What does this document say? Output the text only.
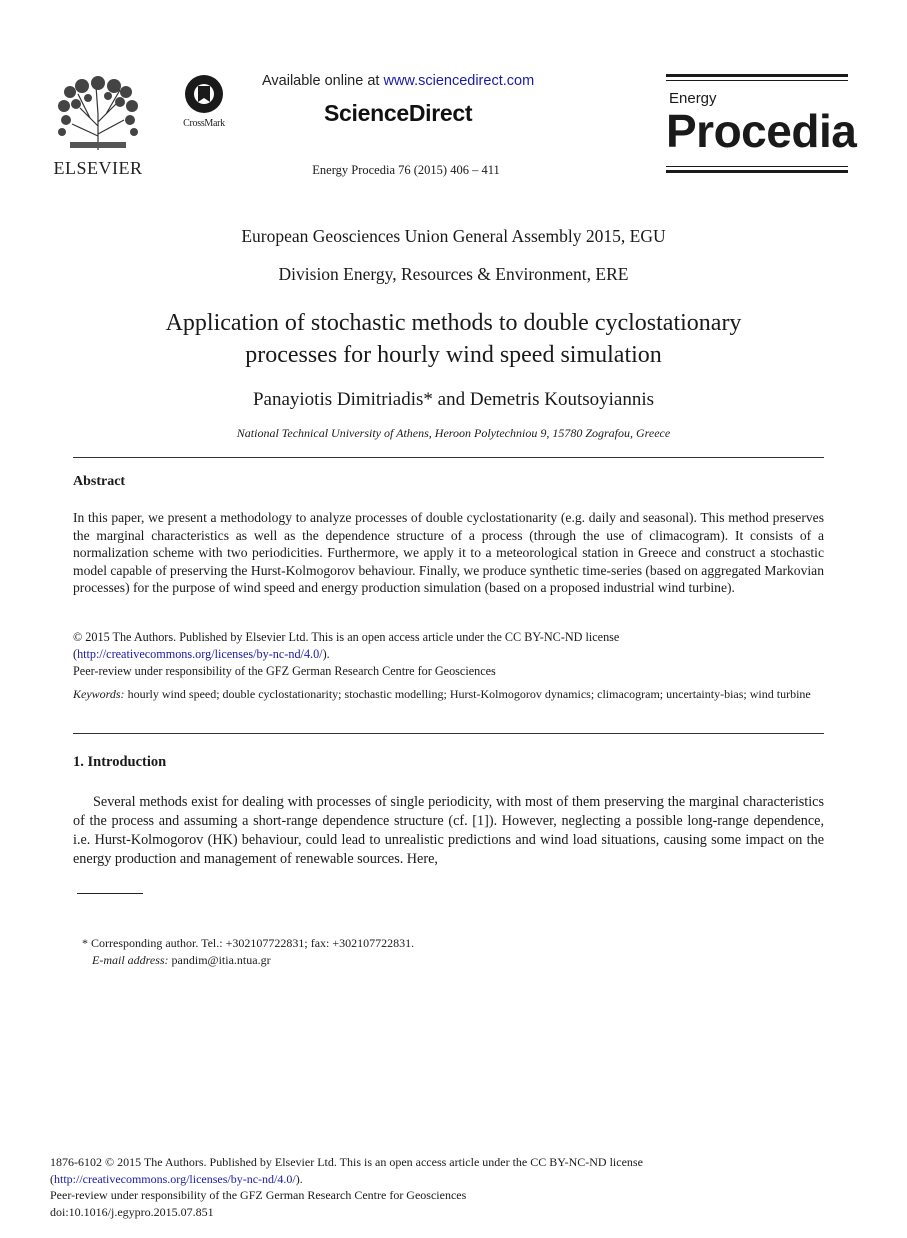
ELSEVIER
CrossMark
Available online at www.sciencedirect.com
ScienceDirect
Energy Procedia 76 (2015) 406 – 411
Energy
Procedia
European Geosciences Union General Assembly 2015, EGU
Division Energy, Resources & Environment, ERE
Application of stochastic methods to double cyclostationary
processes for hourly wind speed simulation
Panayiotis Dimitriadis* and Demetris Koutsoyiannis
National Technical University of Athens, Heroon Polytechniou 9, 15780 Zografou, Greece
Abstract
In this paper, we present a methodology to analyze processes of double cyclostationarity (e.g. daily and seasonal). This method preserves the marginal characteristics as well as the dependence structure of a process (through the use of climacogram). It consists of a normalization scheme with two periodicities. Furthermore, we apply it to a meteorological station in Greece and construct a stochastic model capable of preserving the Hurst-Kolmogorov behaviour. Finally, we produce synthetic time-series (based on aggregated Markovian processes) for the purpose of wind speed and energy production simulation (based on a proposed industrial wind turbine).
© 2015 The Authors. Published by Elsevier Ltd. This is an open access article under the CC BY-NC-ND license
(http://creativecommons.org/licenses/by-nc-nd/4.0/).
Peer-review under responsibility of the GFZ German Research Centre for Geosciences
Keywords: hourly wind speed; double cyclostationarity; stochastic modelling; Hurst-Kolmogorov dynamics; climacogram; uncertainty-bias; wind turbine
1. Introduction
Several methods exist for dealing with processes of single periodicity, with most of them preserving the marginal characteristics of the process and assuming a short-range dependence structure (cf. [1]). However, neglecting a possible long-range dependence, i.e. Hurst-Kolmogorov (HK) behaviour, could lead to unrealistic predictions and wind load situations, causing some impact on the energy production and management of renewable sources. Here,
* Corresponding author. Tel.: +302107722831; fax: +302107722831.
E-mail address: pandim@itia.ntua.gr
1876-6102 © 2015 The Authors. Published by Elsevier Ltd. This is an open access article under the CC BY-NC-ND license
(http://creativecommons.org/licenses/by-nc-nd/4.0/).
Peer-review under responsibility of the GFZ German Research Centre for Geosciences
doi:10.1016/j.egypro.2015.07.851
